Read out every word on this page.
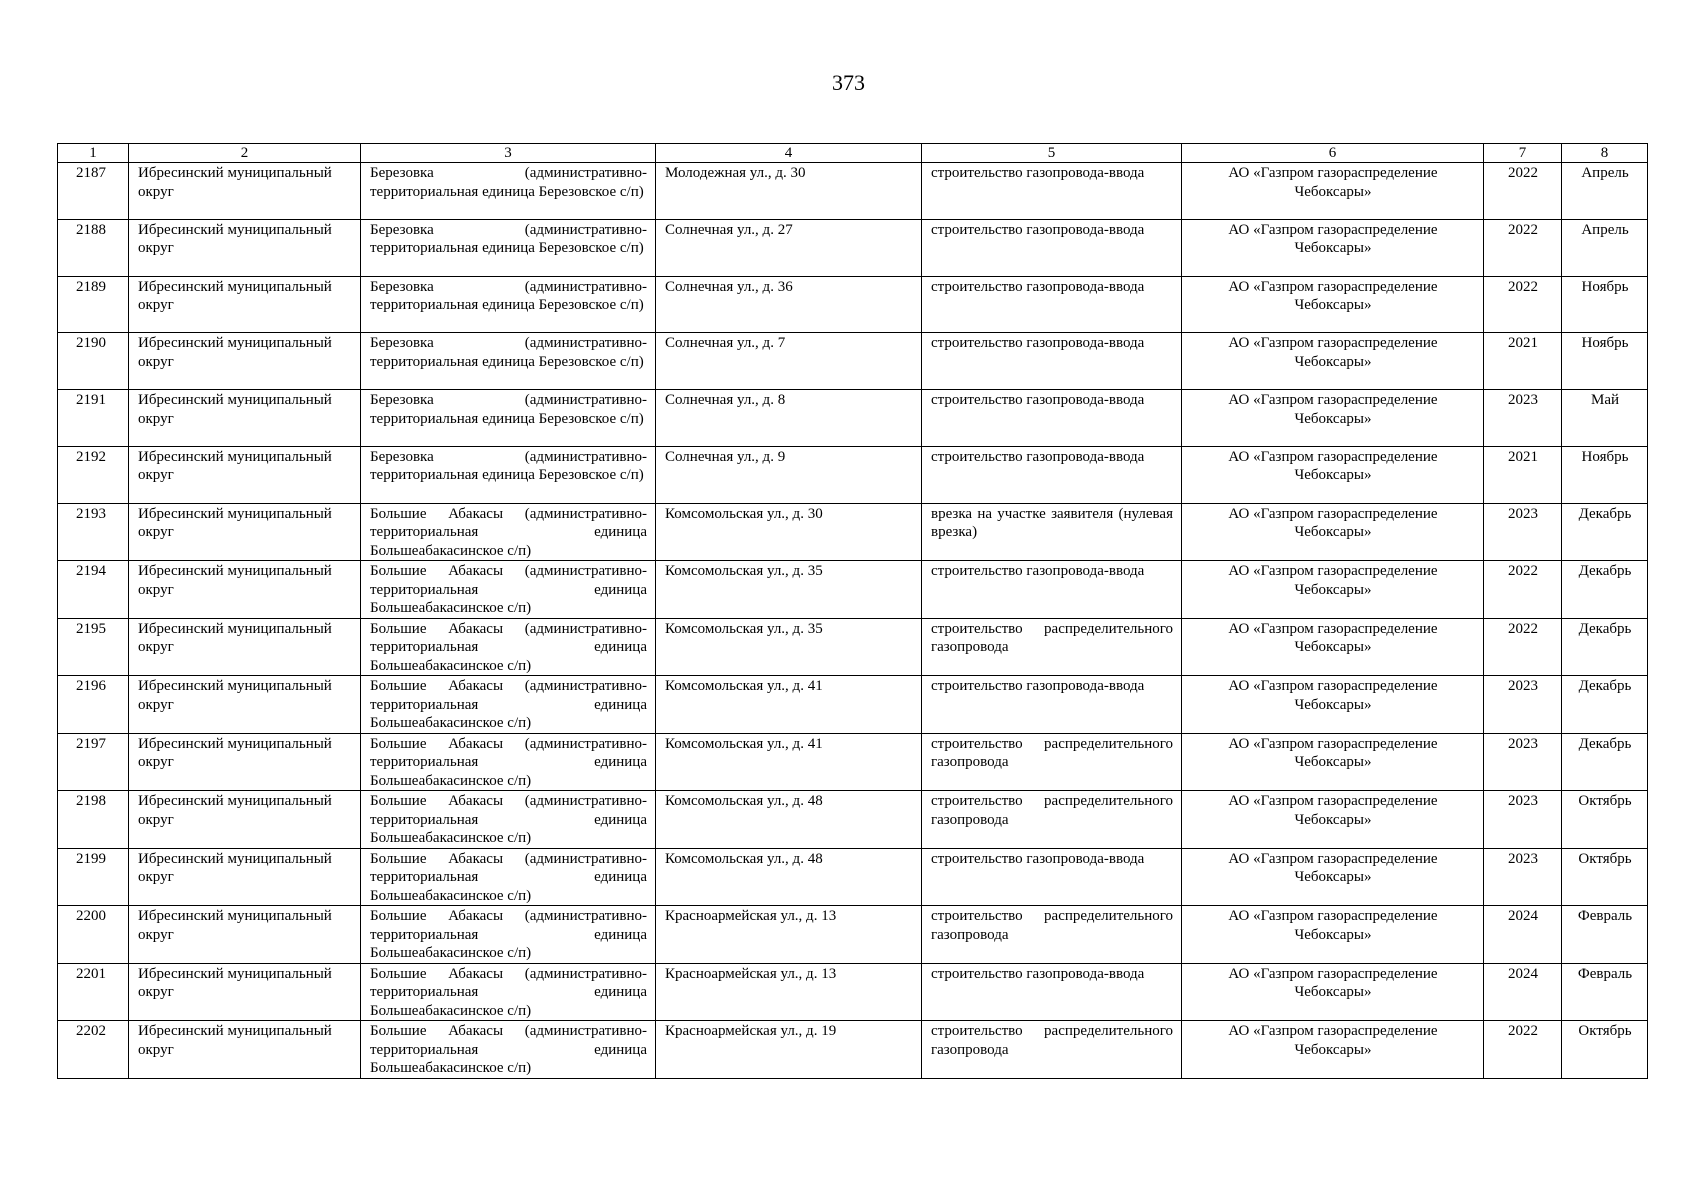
373
1	2	3	4	5	6	7	8
2187	Ибресинский муниципальный округ	Березовка (административно-территориальная единица Березовское с/п)	Молодежная ул., д. 30	строительство газопровода-ввода	АО «Газпром газораспределение Чебоксары»	2022	Апрель
2188	Ибресинский муниципальный округ	Березовка (административно-территориальная единица Березовское с/п)	Солнечная ул., д. 27	строительство газопровода-ввода	АО «Газпром газораспределение Чебоксары»	2022	Апрель
2189	Ибресинский муниципальный округ	Березовка (административно-территориальная единица Березовское с/п)	Солнечная ул., д. 36	строительство газопровода-ввода	АО «Газпром газораспределение Чебоксары»	2022	Ноябрь
2190	Ибресинский муниципальный округ	Березовка (административно-территориальная единица Березовское с/п)	Солнечная ул., д. 7	строительство газопровода-ввода	АО «Газпром газораспределение Чебоксары»	2021	Ноябрь
2191	Ибресинский муниципальный округ	Березовка (административно-территориальная единица Березовское с/п)	Солнечная ул., д. 8	строительство газопровода-ввода	АО «Газпром газораспределение Чебоксары»	2023	Май
2192	Ибресинский муниципальный округ	Березовка (административно-территориальная единица Березовское с/п)	Солнечная ул., д. 9	строительство газопровода-ввода	АО «Газпром газораспределение Чебоксары»	2021	Ноябрь
2193	Ибресинский муниципальный округ	Большие Абакасы (административно-территориальная единица Большеабакасинское с/п)	Комсомольская ул., д. 30	врезка на участке заявителя (нулевая врезка)	АО «Газпром газораспределение Чебоксары»	2023	Декабрь
2194	Ибресинский муниципальный округ	Большие Абакасы (административно-территориальная единица Большеабакасинское с/п)	Комсомольская ул., д. 35	строительство газопровода-ввода	АО «Газпром газораспределение Чебоксары»	2022	Декабрь
2195	Ибресинский муниципальный округ	Большие Абакасы (административно-территориальная единица Большеабакасинское с/п)	Комсомольская ул., д. 35	строительство распределительного газопровода	АО «Газпром газораспределение Чебоксары»	2022	Декабрь
2196	Ибресинский муниципальный округ	Большие Абакасы (административно-территориальная единица Большеабакасинское с/п)	Комсомольская ул., д. 41	строительство газопровода-ввода	АО «Газпром газораспределение Чебоксары»	2023	Декабрь
2197	Ибресинский муниципальный округ	Большие Абакасы (административно-территориальная единица Большеабакасинское с/п)	Комсомольская ул., д. 41	строительство распределительного газопровода	АО «Газпром газораспределение Чебоксары»	2023	Декабрь
2198	Ибресинский муниципальный округ	Большие Абакасы (административно-территориальная единица Большеабакасинское с/п)	Комсомольская ул., д. 48	строительство распределительного газопровода	АО «Газпром газораспределение Чебоксары»	2023	Октябрь
2199	Ибресинский муниципальный округ	Большие Абакасы (административно-территориальная единица Большеабакасинское с/п)	Комсомольская ул., д. 48	строительство газопровода-ввода	АО «Газпром газораспределение Чебоксары»	2023	Октябрь
2200	Ибресинский муниципальный округ	Большие Абакасы (административно-территориальная единица Большеабакасинское с/п)	Красноармейская ул., д. 13	строительство распределительного газопровода	АО «Газпром газораспределение Чебоксары»	2024	Февраль
2201	Ибресинский муниципальный округ	Большие Абакасы (административно-территориальная единица Большеабакасинское с/п)	Красноармейская ул., д. 13	строительство газопровода-ввода	АО «Газпром газораспределение Чебоксары»	2024	Февраль
2202	Ибресинский муниципальный округ	Большие Абакасы (административно-территориальная единица Большеабакасинское с/п)	Красноармейская ул., д. 19	строительство распределительного газопровода	АО «Газпром газораспределение Чебоксары»	2022	Октябрь
